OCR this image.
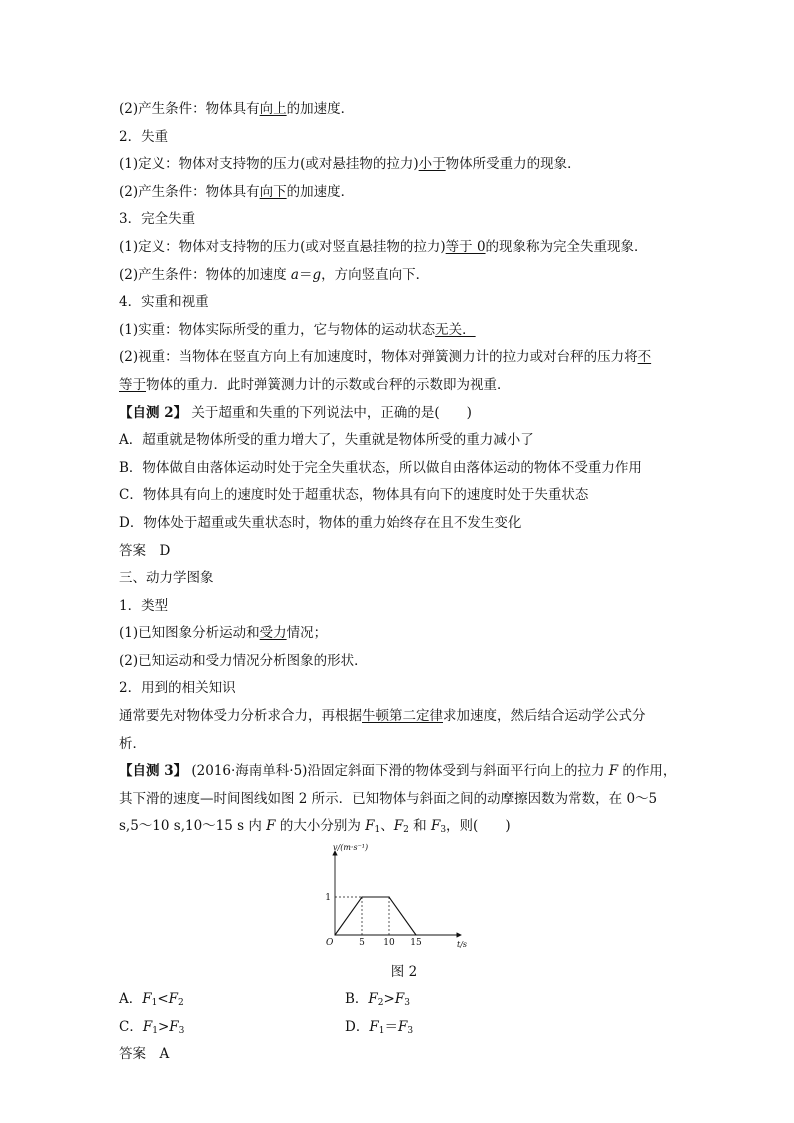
(2)产生条件：物体具有向上的加速度．
2．失重
(1)定义：物体对支持物的压力(或对悬挂物的拉力)小于物体所受重力的现象．
(2)产生条件：物体具有向下的加速度．
3．完全失重
(1)定义：物体对支持物的压力(或对竖直悬挂物的拉力)等于 0的现象称为完全失重现象．
(2)产生条件：物体的加速度 a＝g，方向竖直向下．
4．实重和视重
(1)实重：物体实际所受的重力，它与物体的运动状态无关．
(2)视重：当物体在竖直方向上有加速度时，物体对弹簧测力计的拉力或对台秤的压力将不
等于物体的重力．此时弹簧测力计的示数或台秤的示数即为视重．
【自测 2】 关于超重和失重的下列说法中，正确的是(　　)
A．超重就是物体所受的重力增大了，失重就是物体所受的重力减小了
B．物体做自由落体运动时处于完全失重状态，所以做自由落体运动的物体不受重力作用
C．物体具有向上的速度时处于超重状态，物体具有向下的速度时处于失重状态
D．物体处于超重或失重状态时，物体的重力始终存在且不发生变化
答案　D
三、动力学图象
1．类型
(1)已知图象分析运动和受力情况；
(2)已知运动和受力情况分析图象的形状．
2．用到的相关知识
通常要先对物体受力分析求合力，再根据牛顿第二定律求加速度，然后结合运动学公式分
析．
【自测 3】 (2016·海南单科·5)沿固定斜面下滑的物体受到与斜面平行向上的拉力 F 的作用，
其下滑的速度—时间图线如图 2 所示．已知物体与斜面之间的动摩擦因数为常数，在 0～5
s,5～10 s,10～15 s 内 F 的大小分别为 $F_1$、$F_2$ 和 $F_3$，则(　　)
v/(m·s⁻¹)
t/s
O	5 10 15
1
图 2
A．$F_1<F_2$	B．$F_2>F_3$
C．$F_1>F_3$	D．$F_1=F_3$
答案　A
